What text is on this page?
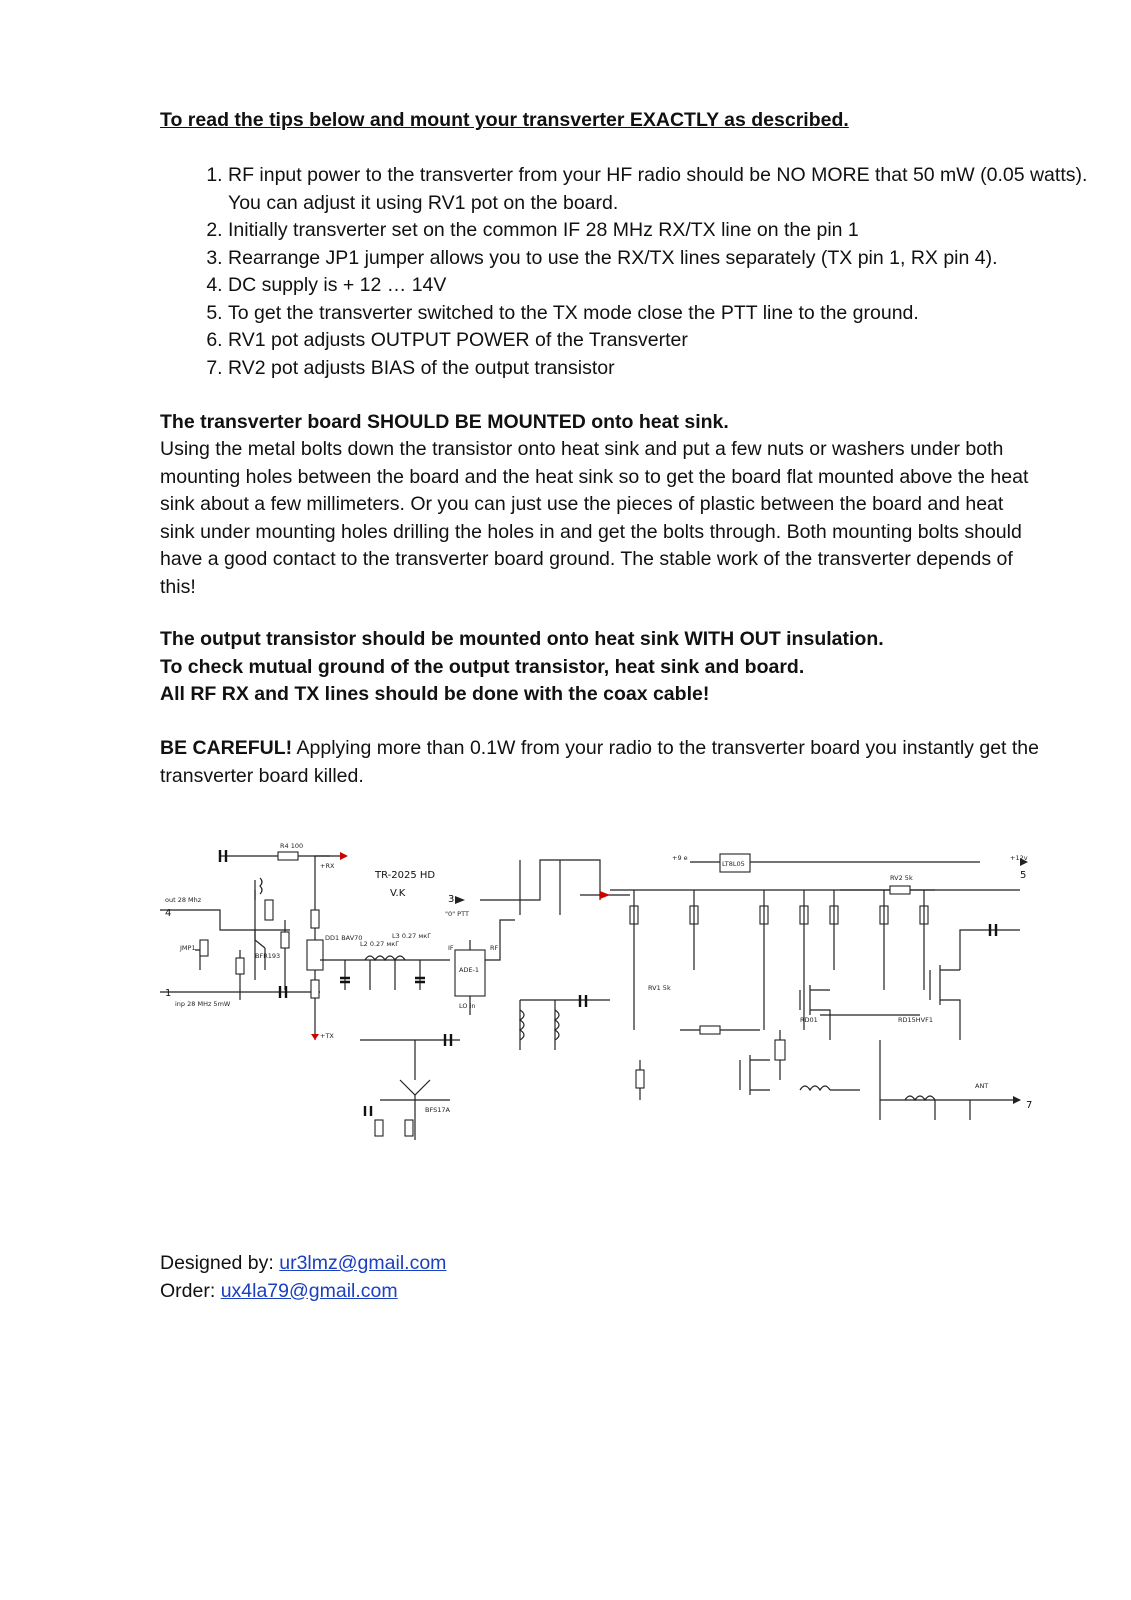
To read the tips below and mount your transverter EXACTLY as described.
1. RF input power to the transverter from your HF radio should be NO MORE that 50 mW (0.05 watts). You can adjust it using RV1 pot on the board.
2. Initially transverter set on the common IF 28 MHz RX/TX line on the pin 1
3. Rearrange JP1 jumper allows you to use the RX/TX lines separately (TX pin 1, RX pin 4).
4. DC supply is + 12 … 14V
5. To get the transverter switched to the TX mode close the PTT line to the ground.
6. RV1 pot adjusts OUTPUT POWER of the Transverter
7. RV2 pot adjusts BIAS of the output transistor
The transverter board SHOULD BE MOUNTED onto heat sink.
Using the metal bolts down the transistor onto heat sink and put a few nuts or washers under both mounting holes between the board and the heat sink so to get the board flat mounted above the heat sink about a few millimeters. Or you can just use the pieces of plastic between the board and heat sink under mounting holes drilling the holes in and get the bolts through. Both mounting bolts should have a good contact to the transverter board ground. The stable work of the transverter depends of this!
The output transistor should be mounted onto heat sink WITH OUT insulation.
To check mutual ground of the output transistor, heat sink and board.
All RF RX and TX lines should be done with the coax cable!
BE CAREFUL! Applying more than 0.1W from your radio to the transverter board you instantly get the transverter board killed.
TR-2025 HD
V.K
out 28 Mhz
4
1
inp 28 MHz 5mW
"0" PTT
3
+12v
5
ANT
7
ADE-1
LO in
IF	RF
+RX
+TX
RD01	RD15HVF1
BFS17A
BFR193
LT8L05
+9 e
R4 100
L2 0.27 мкГ
L3 0.27 мкГ
DD1 BAV70
RV1 5k
RV2 5k
JMP1
Designed by: ur3lmz@gmail.com
Order: ux4la79@gmail.com
